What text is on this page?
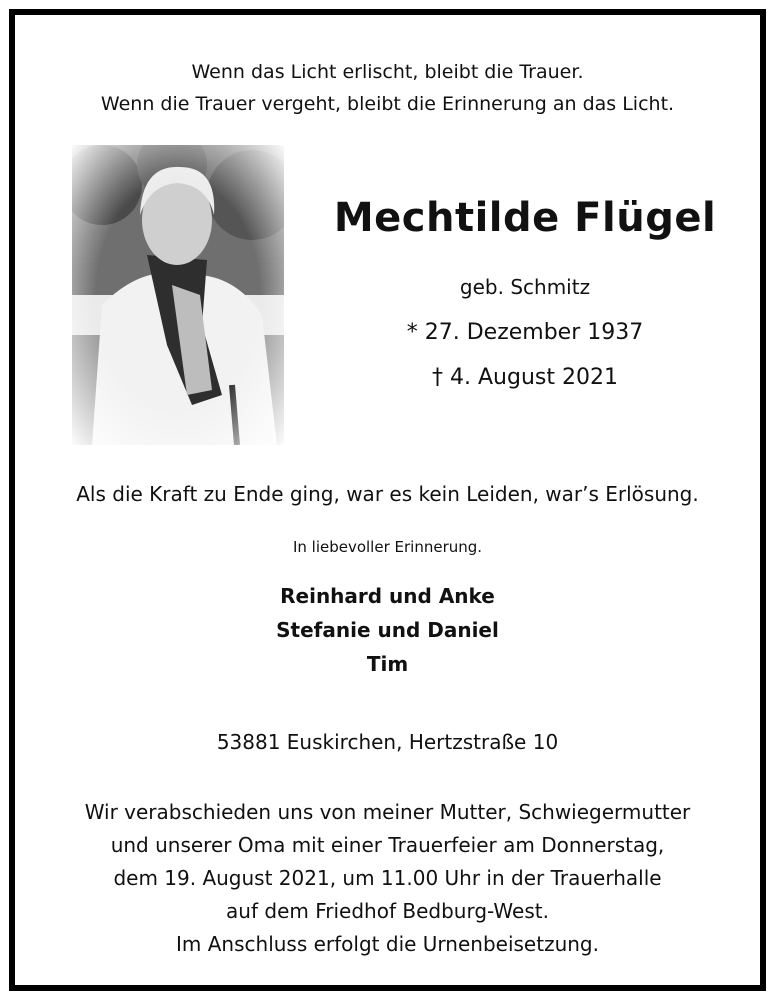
Wenn das Licht erlischt, bleibt die Trauer.
Wenn die Trauer vergeht, bleibt die Erinnerung an das Licht.
Mechtilde Flügel
geb. Schmitz
* 27. Dezember 1937
† 4. August 2021
Als die Kraft zu Ende ging, war es kein Leiden, war’s Erlösung.
In liebevoller Erinnerung.
Reinhard und Anke
Stefanie und Daniel
Tim
53881 Euskirchen, Hertzstraße 10
Wir verabschieden uns von meiner Mutter, Schwiegermutter
und unserer Oma mit einer Trauerfeier am Donnerstag,
dem 19. August 2021, um 11.00 Uhr in der Trauerhalle
auf dem Friedhof Bedburg-West.
Im Anschluss erfolgt die Urnenbeisetzung.
